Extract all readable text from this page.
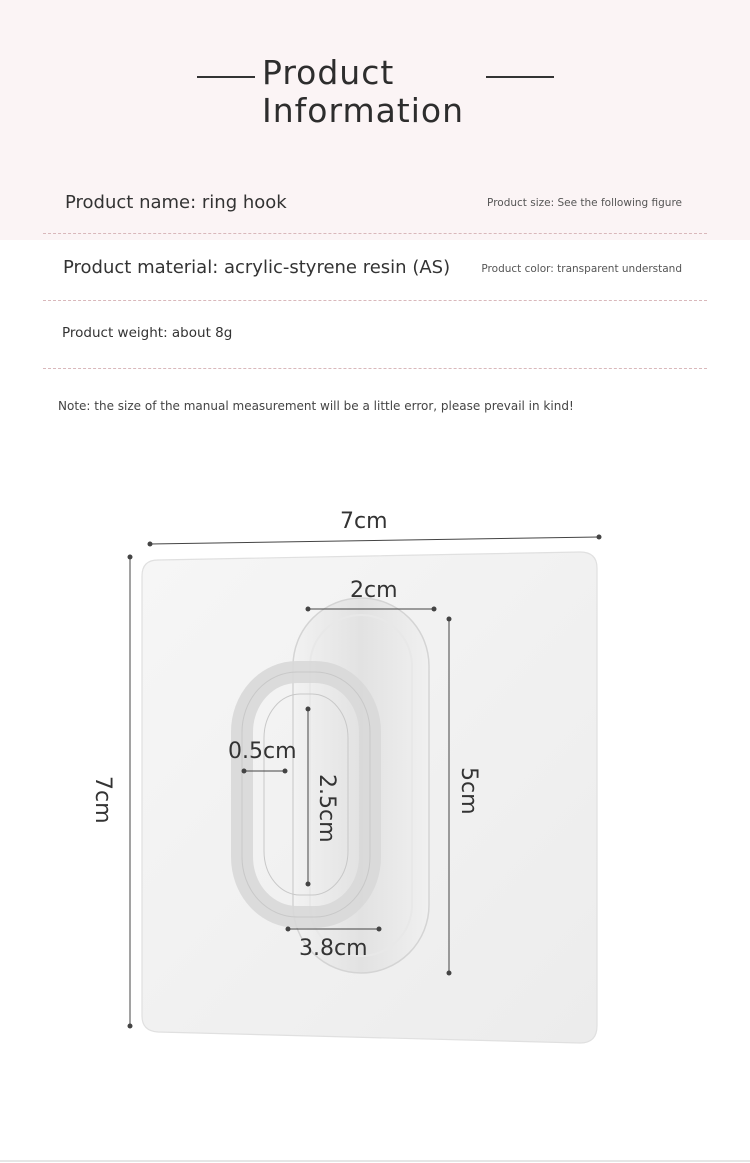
Product Information
Product name: ring hook	Product size: See the following figure
Product material: acrylic-styrene resin (AS)	Product color: transparent understand
Product weight: about 8g
Note: the size of the manual measurement will be a little error, please prevail in kind!
7cm
7cm
2cm
5cm
0.5cm
2.5cm
3.8cm
